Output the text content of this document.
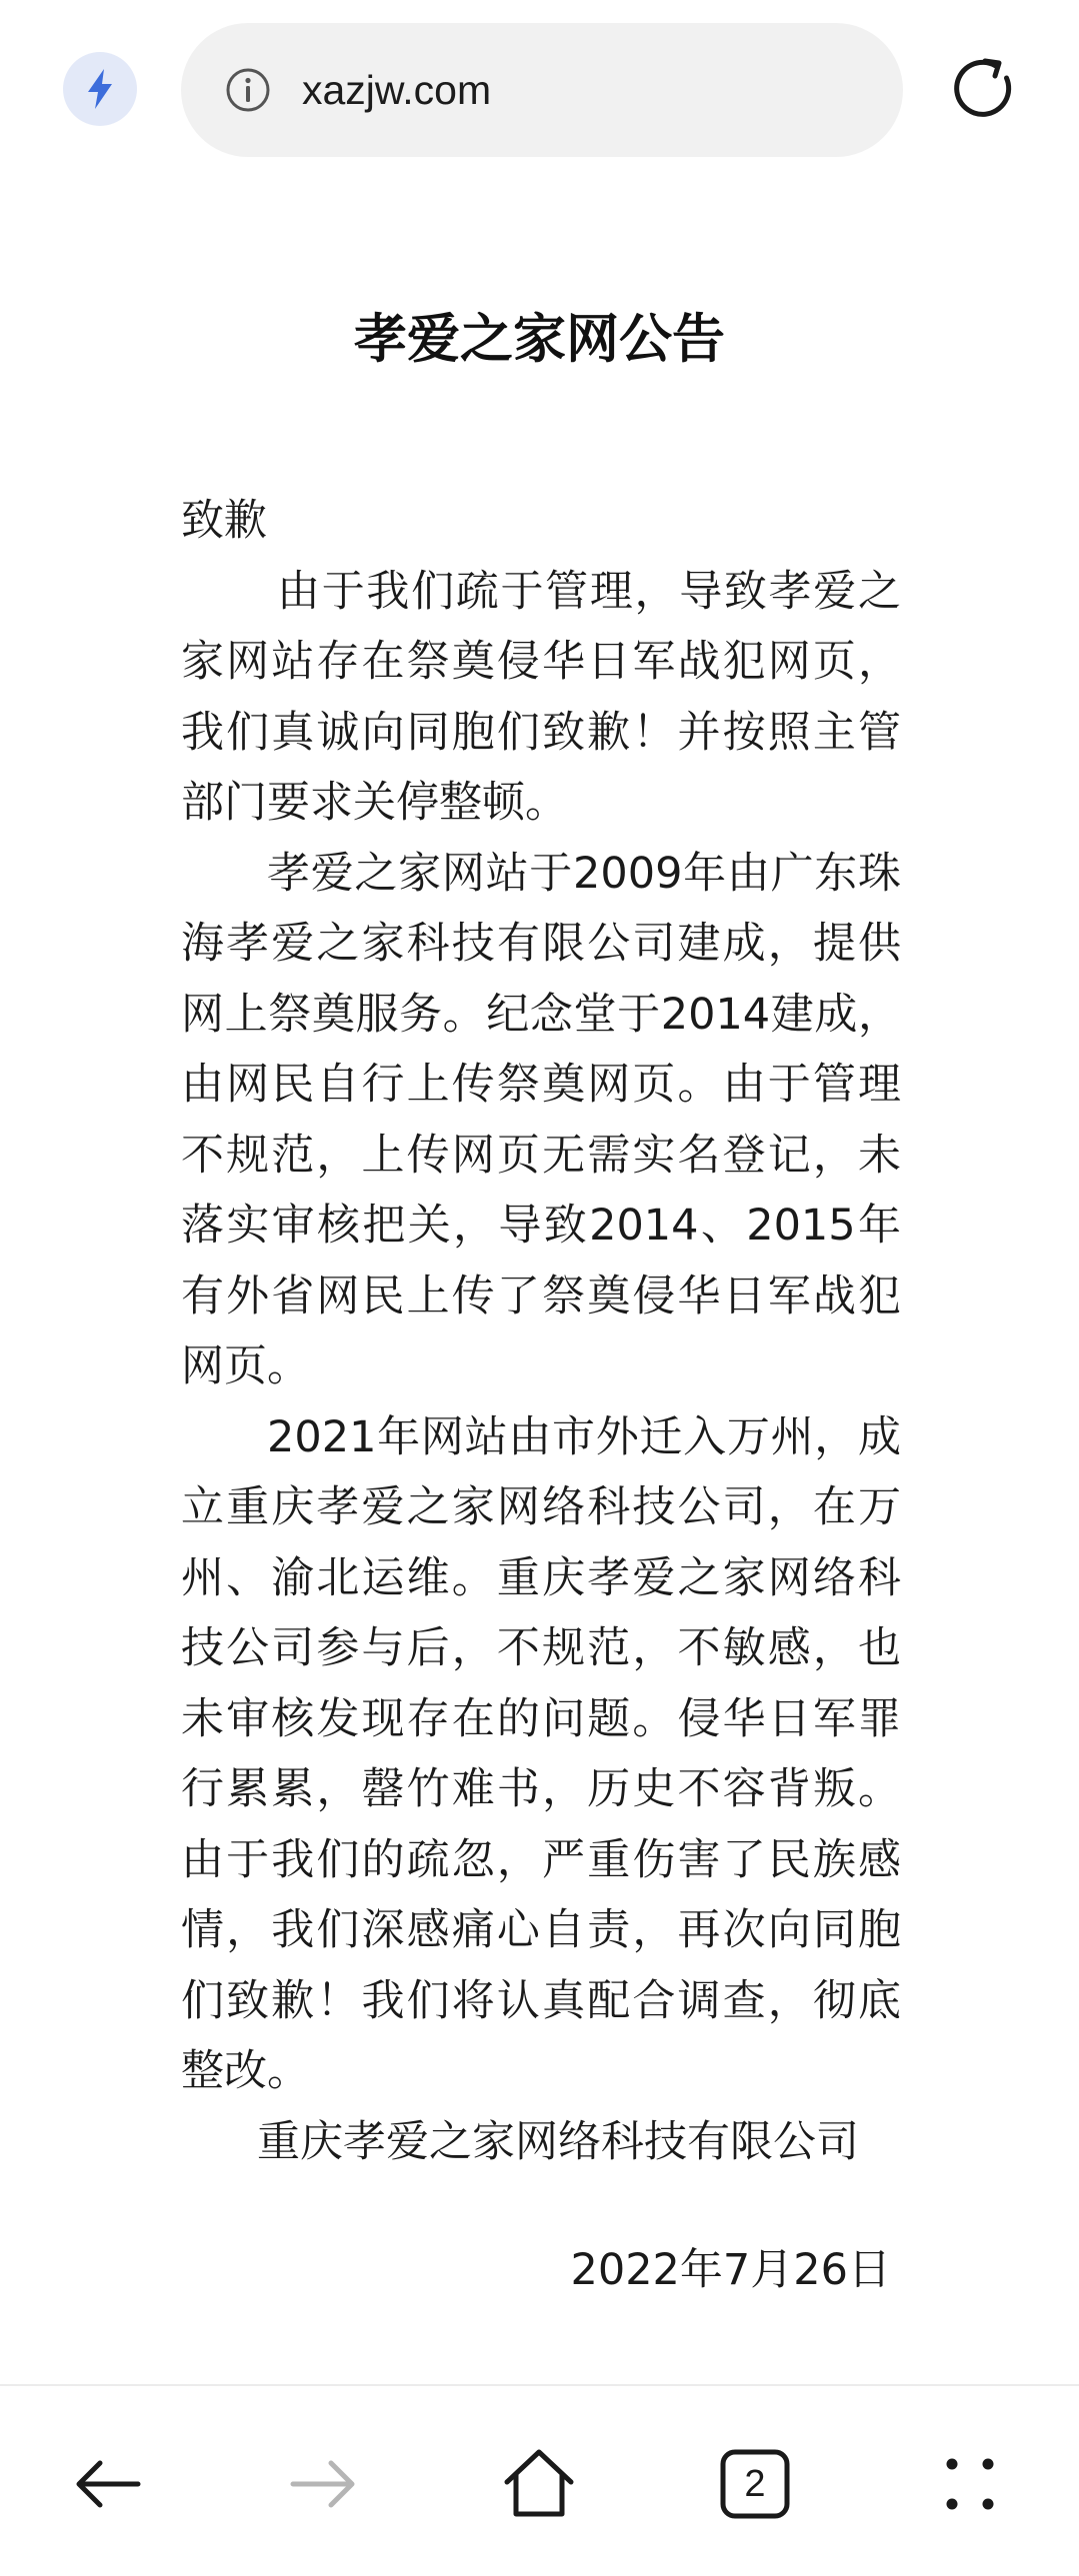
xazjw.com
孝爱之家网公告

致歉

由于我们疏于管理，导致孝爱之家网站存在祭奠侵华日军战犯网页，我们真诚向同胞们致歉！并按照主管部门要求关停整顿。

孝爱之家网站于2009年由广东珠海孝爱之家科技有限公司建成，提供网上祭奠服务。纪念堂于2014建成，由网民自行上传祭奠网页。由于管理不规范，上传网页无需实名登记，未落实审核把关，导致2014、2015年有外省网民上传了祭奠侵华日军战犯网页。

2021年网站由市外迁入万州，成立重庆孝爱之家网络科技公司，在万州、渝北运维。重庆孝爱之家网络科技公司参与后，不规范，不敏感，也未审核发现存在的问题。侵华日军罪行累累，罄竹难书，历史不容背叛。由于我们的疏忽，严重伤害了民族感情，我们深感痛心自责，再次向同胞们致歉！我们将认真配合调查，彻底整改。

重庆孝爱之家网络科技有限公司

2022年7月26日

2
